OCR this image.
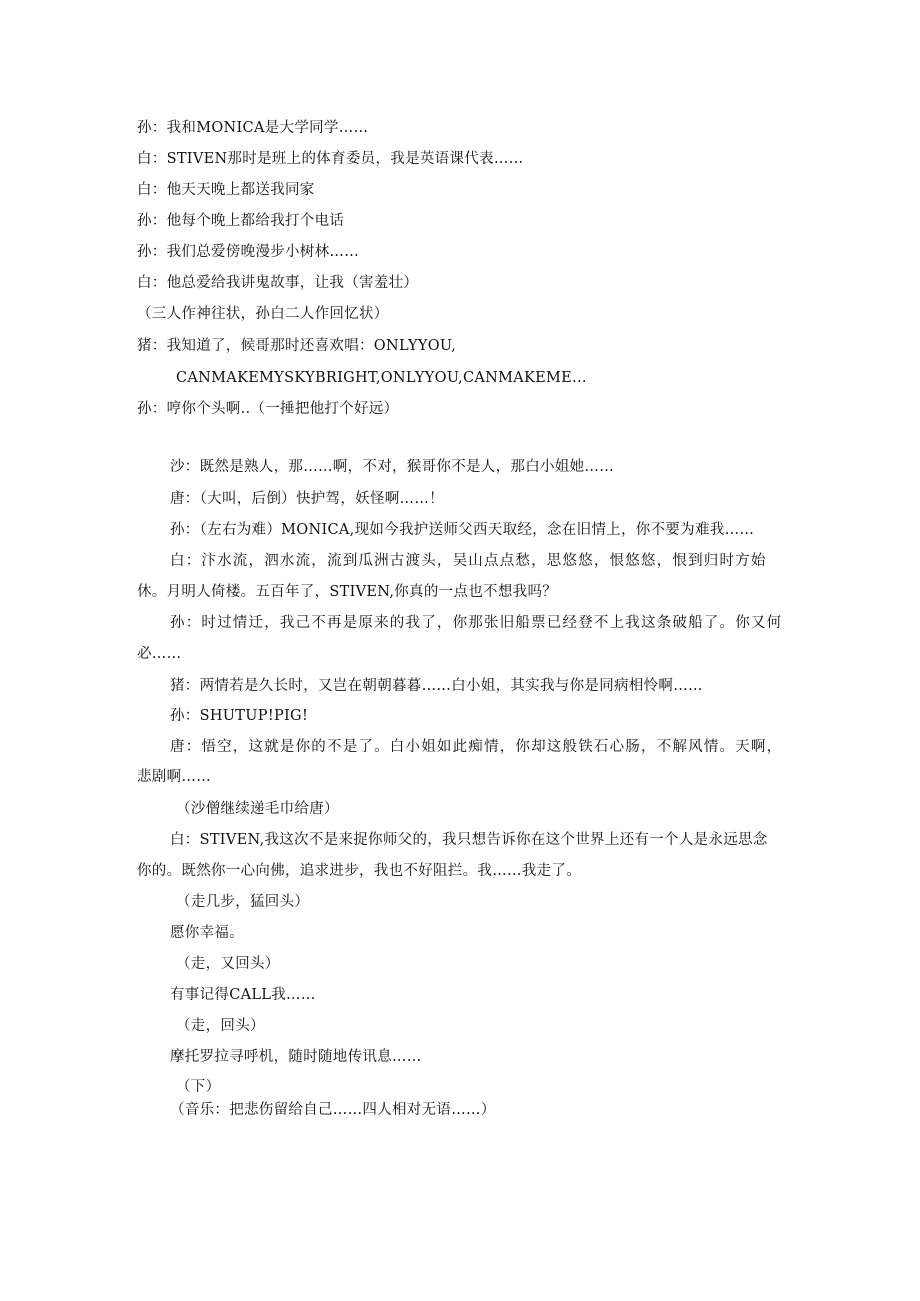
孙：我和MONICA是大学同学……

白：STIVEN那时是班上的体育委员，我是英语课代表……

白：他天天晚上都送我同家

孙：他每个晚上都给我打个电话

孙：我们总爱傍晚漫步小树林……

白：他总爱给我讲鬼故事，让我（害羞壮）

（三人作神往状，孙白二人作回忆状）

猪：我知道了，候哥那时还喜欢唱：ONLYYOU,

CANMAKEMYSKYBRIGHT,ONLYYOU,CANMAKEME...

孙：哼你个头啊..（一捶把他打个好远）

沙：既然是熟人，那……啊，不对，猴哥你不是人，那白小姐她……

唐：（大叫，后倒）快护驾，妖怪啊……！

孙：（左右为难）MONICA,现如今我护送师父西天取经，念在旧情上，你不要为难我……

白：汴水流，泗水流，流到瓜洲古渡头，吴山点点愁，思悠悠，恨悠悠，恨到归时方始

休。月明人倚楼。五百年了，STIVEN,你真的一点也不想我吗？

孙：时过情迁，我己不再是原来的我了，你那张旧船票已经登不上我这条破船了。你又何

必……

猪：两情若是久长时，又岂在朝朝暮暮……白小姐，其实我与你是同病相怜啊……

孙：SHUTUP!PIG!

唐：悟空，这就是你的不是了。白小姐如此痴情，你却这般铁石心肠，不解风情。天啊，

悲剧啊……

（沙僧继续递毛巾给唐）

白：STIVEN,我这次不是来捉你师父的，我只想告诉你在这个世界上还有一个人是永远思念

你的。既然你一心向佛，追求进步，我也不好阻拦。我……我走了。

（走几步，猛回头）

愿你幸福。

（走，又回头）

有事记得CALL我……

（走，回头）

摩托罗拉寻呼机，随时随地传讯息……

（下）

（音乐：把悲伤留给自己……四人相对无语……）
